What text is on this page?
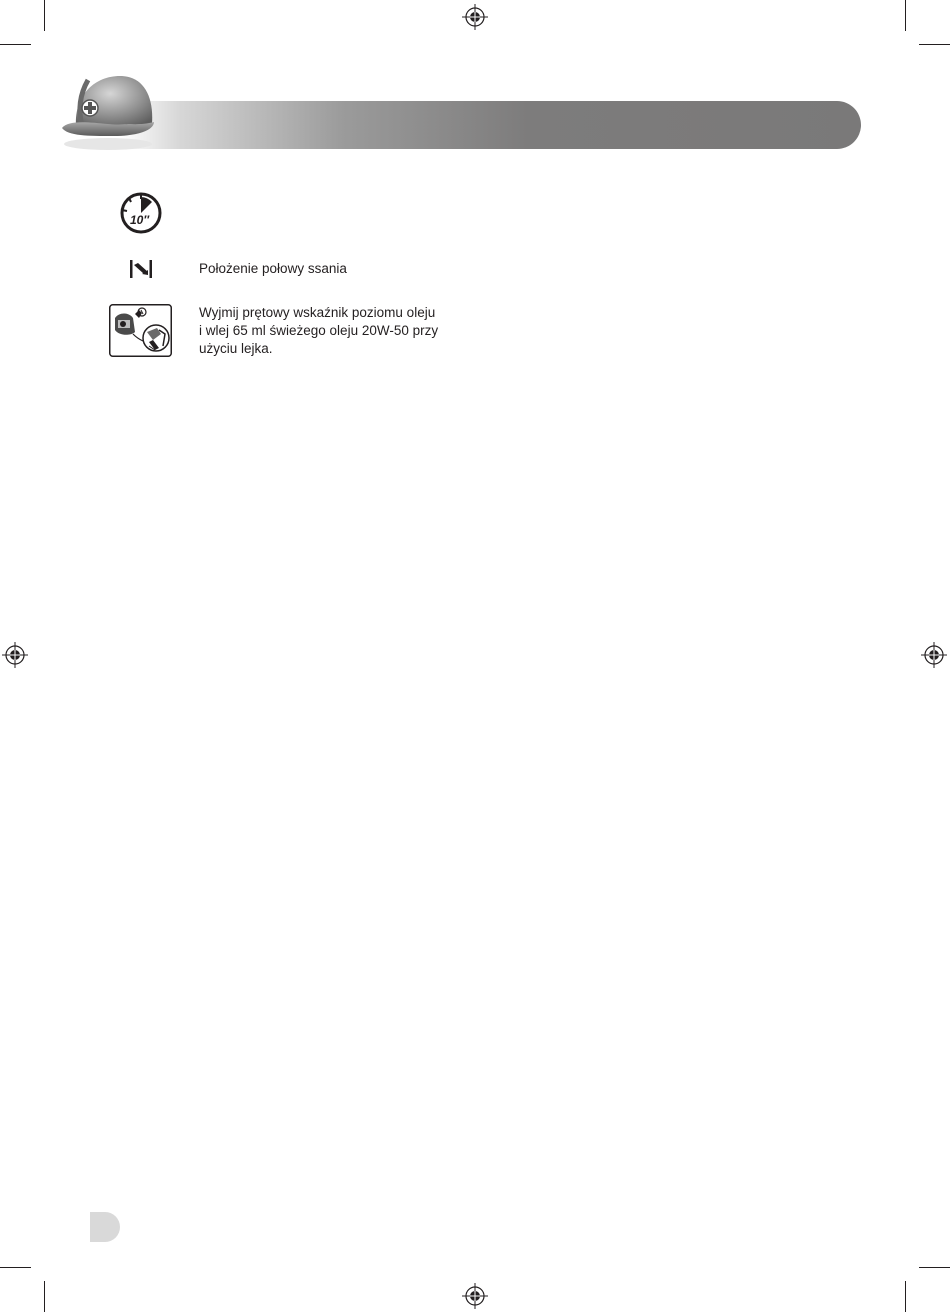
10″
Położenie połowy ssania
Wyjmij prętowy wskaźnik poziomu oleju
i wlej 65 ml świeżego oleju 20W-50 przy
użyciu lejka.
